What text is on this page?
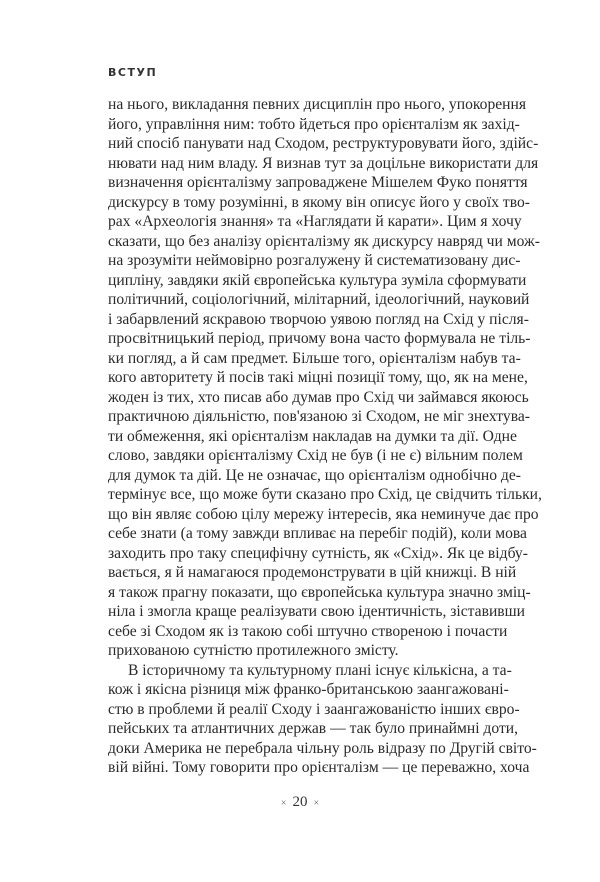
ВСТУП
на нього, викладання певних дисциплін про нього, упокорення
його, управління ним: тобто йдеться про орієнталізм як захід-
ний спосіб панувати над Сходом, реструктуровувати його, здійс-
нювати над ним владу. Я визнав тут за доцільне використати для
визначення орієнталізму запроваджене Мішелем Фуко поняття
дискурсу в тому розумінні, в якому він описує його у своїх тво-
рах «Археологія знання» та «Наглядати й карати». Цим я хочу
сказати, що без аналізу орієнталізму як дискурсу навряд чи мож-
на зрозуміти неймовірно розгалужену й систематизовану дис-
ципліну, завдяки якій європейська культура зуміла сформувати
політичний, соціологічний, мілітарний, ідеологічний, науковий
і забарвлений яскравою творчою уявою погляд на Схід у після-
просвітницький період, причому вона часто формувала не тіль-
ки погляд, а й сам предмет. Більше того, орієнталізм набув та-
кого авторитету й посів такі міцні позиції тому, що, як на мене,
жоден із тих, хто писав або думав про Схід чи займався якоюсь
практичною діяльністю, пов'язаною зі Сходом, не міг знехтува-
ти обмеження, які орієнталізм накладав на думки та дії. Одне
слово, завдяки орієнталізму Схід не був (і не є) вільним полем
для думок та дій. Це не означає, що орієнталізм однобічно де-
термінує все, що може бути сказано про Схід, це свідчить тільки,
що він являє собою цілу мережу інтересів, яка неминуче дає про
себе знати (а тому завжди впливає на перебіг подій), коли мова
заходить про таку специфічну сутність, як «Схід». Як це відбу-
вається, я й намагаюся продемонструвати в цій книжці. В ній
я також прагну показати, що європейська культура значно зміц-
ніла і змогла краще реалізувати свою ідентичність, зіставивши
себе зі Сходом як із такою собі штучно створеною і почасти
прихованою сутністю протилежного змісту.
В історичному та культурному плані існує кількісна, а та-
кож і якісна різниця між франко-британською заангажовані-
стю в проблеми й реалії Сходу і заангажованістю інших євро-
пейських та атлантичних держав — так було принаймні доти,
доки Америка не перебрала чільну роль відразу по Другій світо-
вій війні. Тому говорити про орієнталізм — це переважно, хоча
× 20 ×
